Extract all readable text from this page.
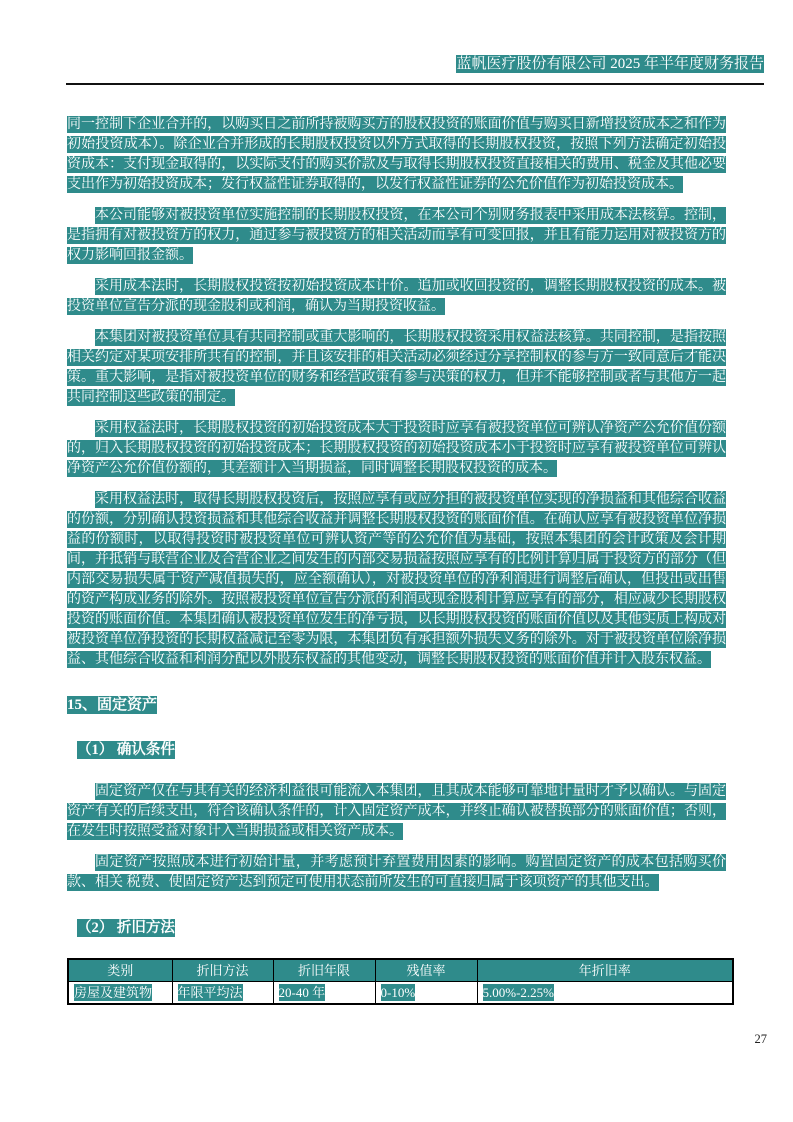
蓝帆医疗股份有限公司 2025 年半年度财务报告

同一控制下企业合并的，以购买日之前所持被购买方的股权投资的账面价值与购买日新增投资成本之和作为初始投资成本）。除企业合并形成的长期股权投资以外方式取得的长期股权投资，按照下列方法确定初始投资成本：支付现金取得的，以实际支付的购买价款及与取得长期股权投资直接相关的费用、税金及其他必要支出作为初始投资成本；发行权益性证券取得的，以发行权益性证券的公允价值作为初始投资成本。

本公司能够对被投资单位实施控制的长期股权投资，在本公司个别财务报表中采用成本法核算。控制，是指拥有对被投资方的权力，通过参与被投资方的相关活动而享有可变回报，并且有能力运用对被投资方的权力影响回报金额。

采用成本法时，长期股权投资按初始投资成本计价。追加或收回投资的，调整长期股权投资的成本。被投资单位宣告分派的现金股利或利润，确认为当期投资收益。

本集团对被投资单位具有共同控制或重大影响的，长期股权投资采用权益法核算。共同控制，是指按照相关约定对某项安排所共有的控制，并且该安排的相关活动必须经过分享控制权的参与方一致同意后才能决策。重大影响，是指对被投资单位的财务和经营政策有参与决策的权力，但并不能够控制或者与其他方一起共同控制这些政策的制定。

采用权益法时，长期股权投资的初始投资成本大于投资时应享有被投资单位可辨认净资产公允价值份额的，归入长期股权投资的初始投资成本；长期股权投资的初始投资成本小于投资时应享有被投资单位可辨认净资产公允价值份额的，其差额计入当期损益，同时调整长期股权投资的成本。

采用权益法时，取得长期股权投资后，按照应享有或应分担的被投资单位实现的净损益和其他综合收益的份额，分别确认投资损益和其他综合收益并调整长期股权投资的账面价值。在确认应享有被投资单位净损益的份额时，以取得投资时被投资单位可辨认资产等的公允价值为基础，按照本集团的会计政策及会计期间，并抵销与联营企业及合营企业之间发生的内部交易损益按照应享有的比例计算归属于投资方的部分（但内部交易损失属于资产减值损失的，应全额确认），对被投资单位的净利润进行调整后确认，但投出或出售的资产构成业务的除外。按照被投资单位宣告分派的利润或现金股利计算应享有的部分，相应减少长期股权投资的账面价值。本集团确认被投资单位发生的净亏损，以长期股权投资的账面价值以及其他实质上构成对被投资单位净投资的长期权益减记至零为限，本集团负有承担额外损失义务的除外。对于被投资单位除净损益、其他综合收益和利润分配以外股东权益的其他变动，调整长期股权投资的账面价值并计入股东权益。

15、固定资产
（1） 确认条件

固定资产仅在与其有关的经济利益很可能流入本集团，且其成本能够可靠地计量时才予以确认。与固定资产有关的后续支出，符合该确认条件的，计入固定资产成本，并终止确认被替换部分的账面价值；否则，在发生时按照受益对象计入当期损益或相关资产成本。

固定资产按照成本进行初始计量，并考虑预计弃置费用因素的影响。购置固定资产的成本包括购买价款、相关 税费、使固定资产达到预定可使用状态前所发生的可直接归属于该项资产的其他支出。

（2） 折旧方法
类别	折旧方法	折旧年限	残值率	年折旧率
房屋及建筑物	年限平均法	20-40 年	0-10%	5.00%-2.25%
27
